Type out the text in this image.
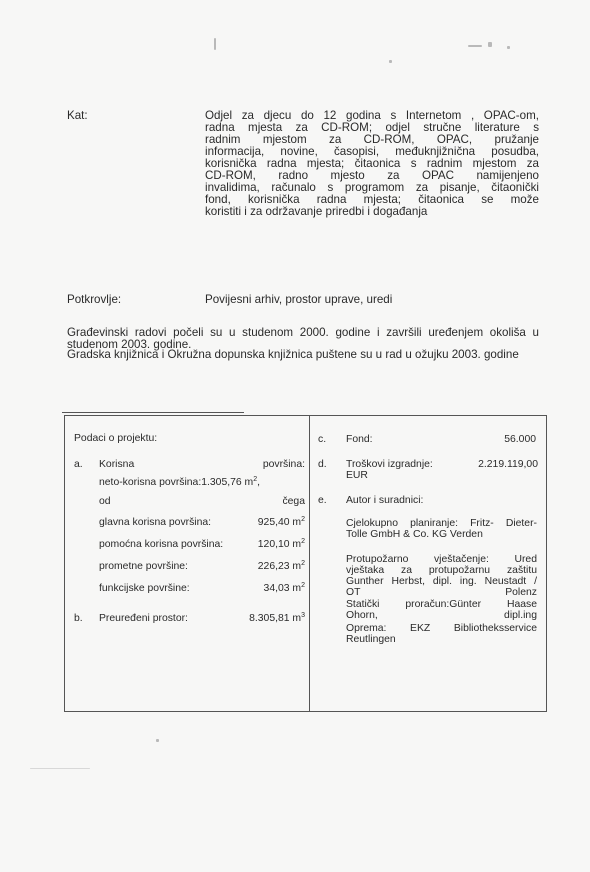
Kat:	Odjel za djecu do 12 godina s Internetom , OPAC-om,
radna mjesta za CD-ROM; odjel stručne literature s
radnim mjestom za CD-ROM, OPAC, pružanje
informacija, novine, časopisi, međuknjižnična posudba,
korisnička radna mjesta; čitaonica s radnim mjestom za
CD-ROM, radno mjesto za OPAC namijenjeno
invalidima, računalo s programom za pisanje, čitaonički
fond, korisnička radna mjesta; čitaonica se može
koristiti i za održavanje priredbi i događanja
Potkrovlje:	Povijesni arhiv, prostor uprave, uredi
Građevinski radovi počeli su u studenom 2000. godine i završili uređenjem okoliša u studenom 2003. godine.
Gradska knjižnica i Okružna dopunska knjižnica puštene su u rad u ožujku 2003. godine
Podaci o projektu:
a. Korisna	površina:
neto-korisna površina:1.305,76 $m^2$,
od	čega
glavna korisna površina:	925,40 $m^2$
pomoćna korisna površina:	120,10 $m^2$
prometne površine:	226,23 $m^2$
funkcijske površine:	34,03 $m^2$
b. Preuređeni prostor:	8.305,81 $m^3$
c. Fond:	56.000
d. Troškovi izgradnje:	2.219.119,00
EUR
e. Autor i suradnici:
Cjelokupno planiranje: Fritz- Dieter-
Tolle GmbH & Co. KG Verden
Protupožarno vještačenje: Ured
vještaka za protupožarnu zaštitu
Gunther Herbst, dipl. ing. Neustadt /
OT Polenz
Statički proračun:Günter Haase
Ohorn, dipl.ing
Oprema: EKZ Bibliotheksservice
Reutlingen
